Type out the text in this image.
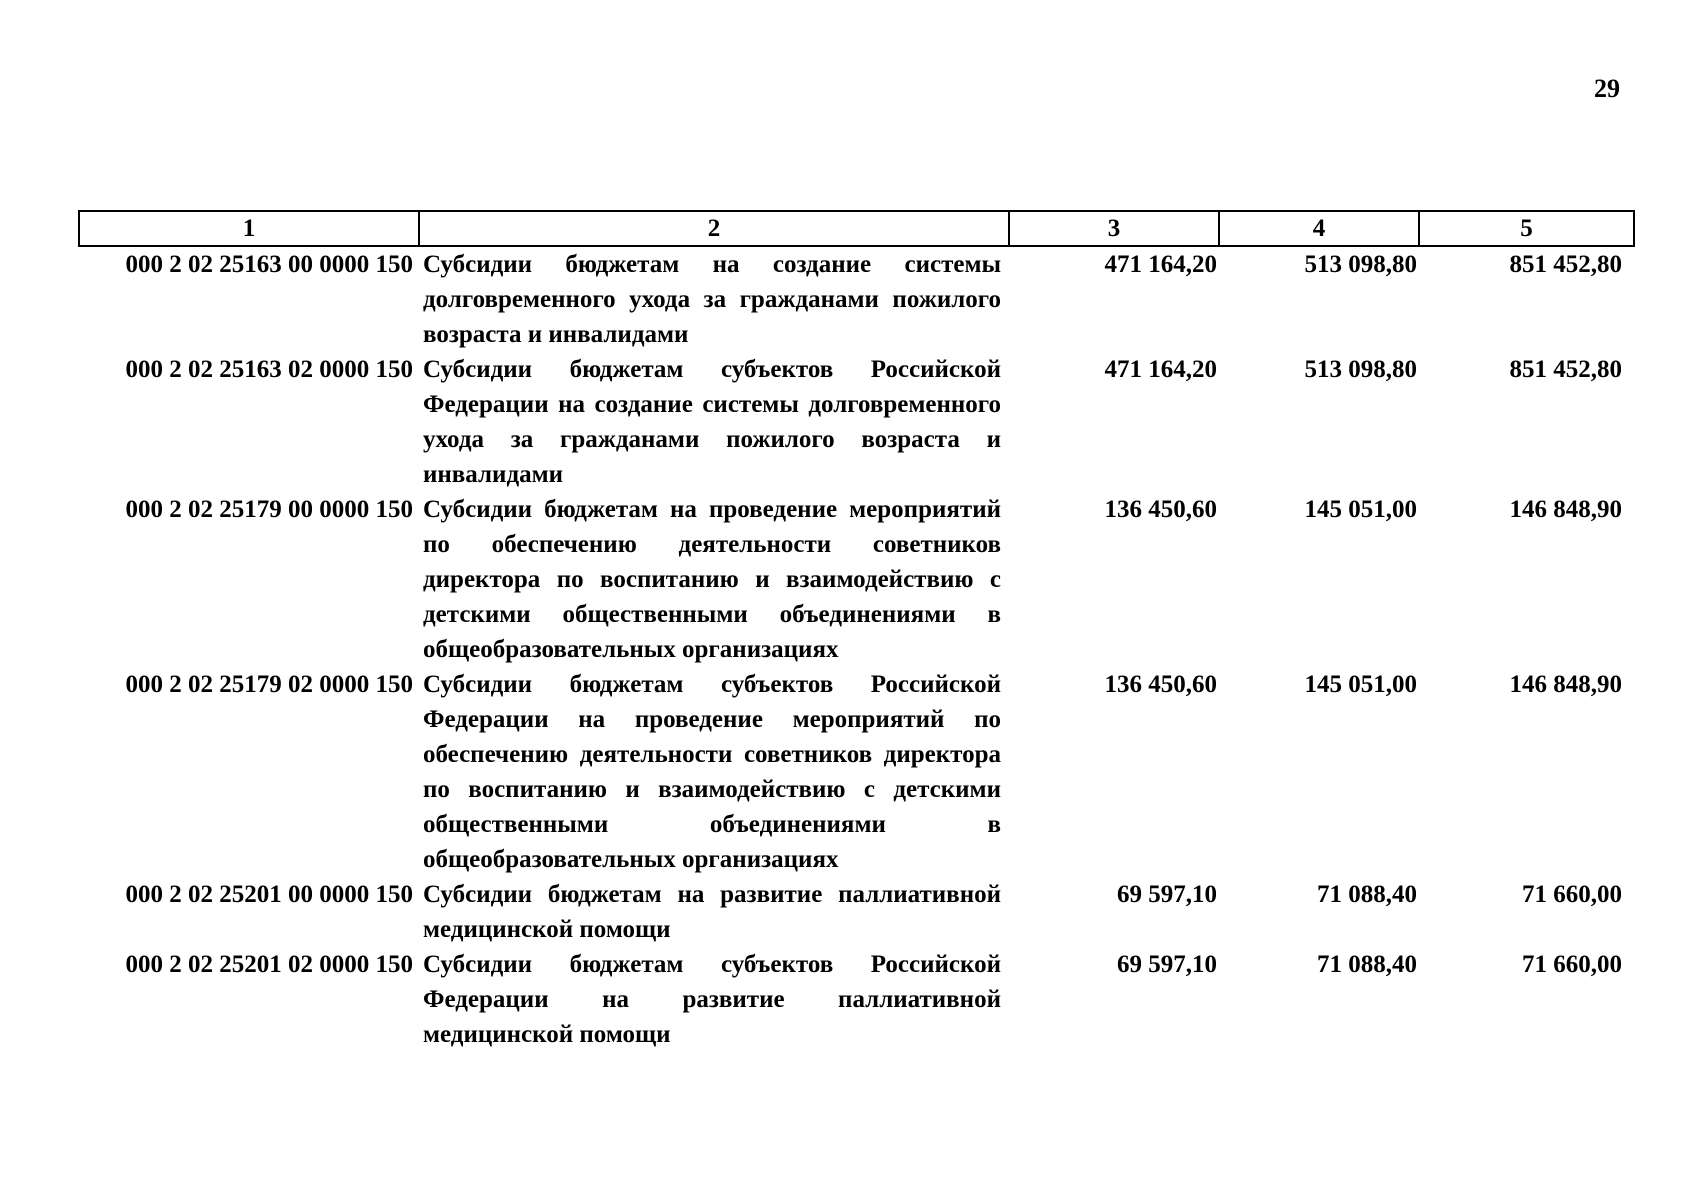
29
1	2	3	4	5
000 2 02 25163 00 0000 150	Субсидии бюджетам на создание системы долговременного ухода за гражданами пожилого возраста и инвалидами	471 164,20	513 098,80	851 452,80
000 2 02 25163 02 0000 150	Субсидии бюджетам субъектов Российской Федерации на создание системы долговременного ухода за гражданами пожилого возраста и инвалидами	471 164,20	513 098,80	851 452,80
000 2 02 25179 00 0000 150	Субсидии бюджетам на проведение мероприятий по обеспечению деятельности советников директора по воспитанию и взаимодействию с детскими общественными объединениями в общеобразовательных организациях	136 450,60	145 051,00	146 848,90
000 2 02 25179 02 0000 150	Субсидии бюджетам субъектов Российской Федерации на проведение мероприятий по обеспечению деятельности советников директора по воспитанию и взаимодействию с детскими общественными объединениями в общеобразовательных организациях	136 450,60	145 051,00	146 848,90
000 2 02 25201 00 0000 150	Субсидии бюджетам на развитие паллиативной медицинской помощи	69 597,10	71 088,40	71 660,00
000 2 02 25201 02 0000 150	Субсидии бюджетам субъектов Российской Федерации на развитие паллиативной медицинской помощи	69 597,10	71 088,40	71 660,00
